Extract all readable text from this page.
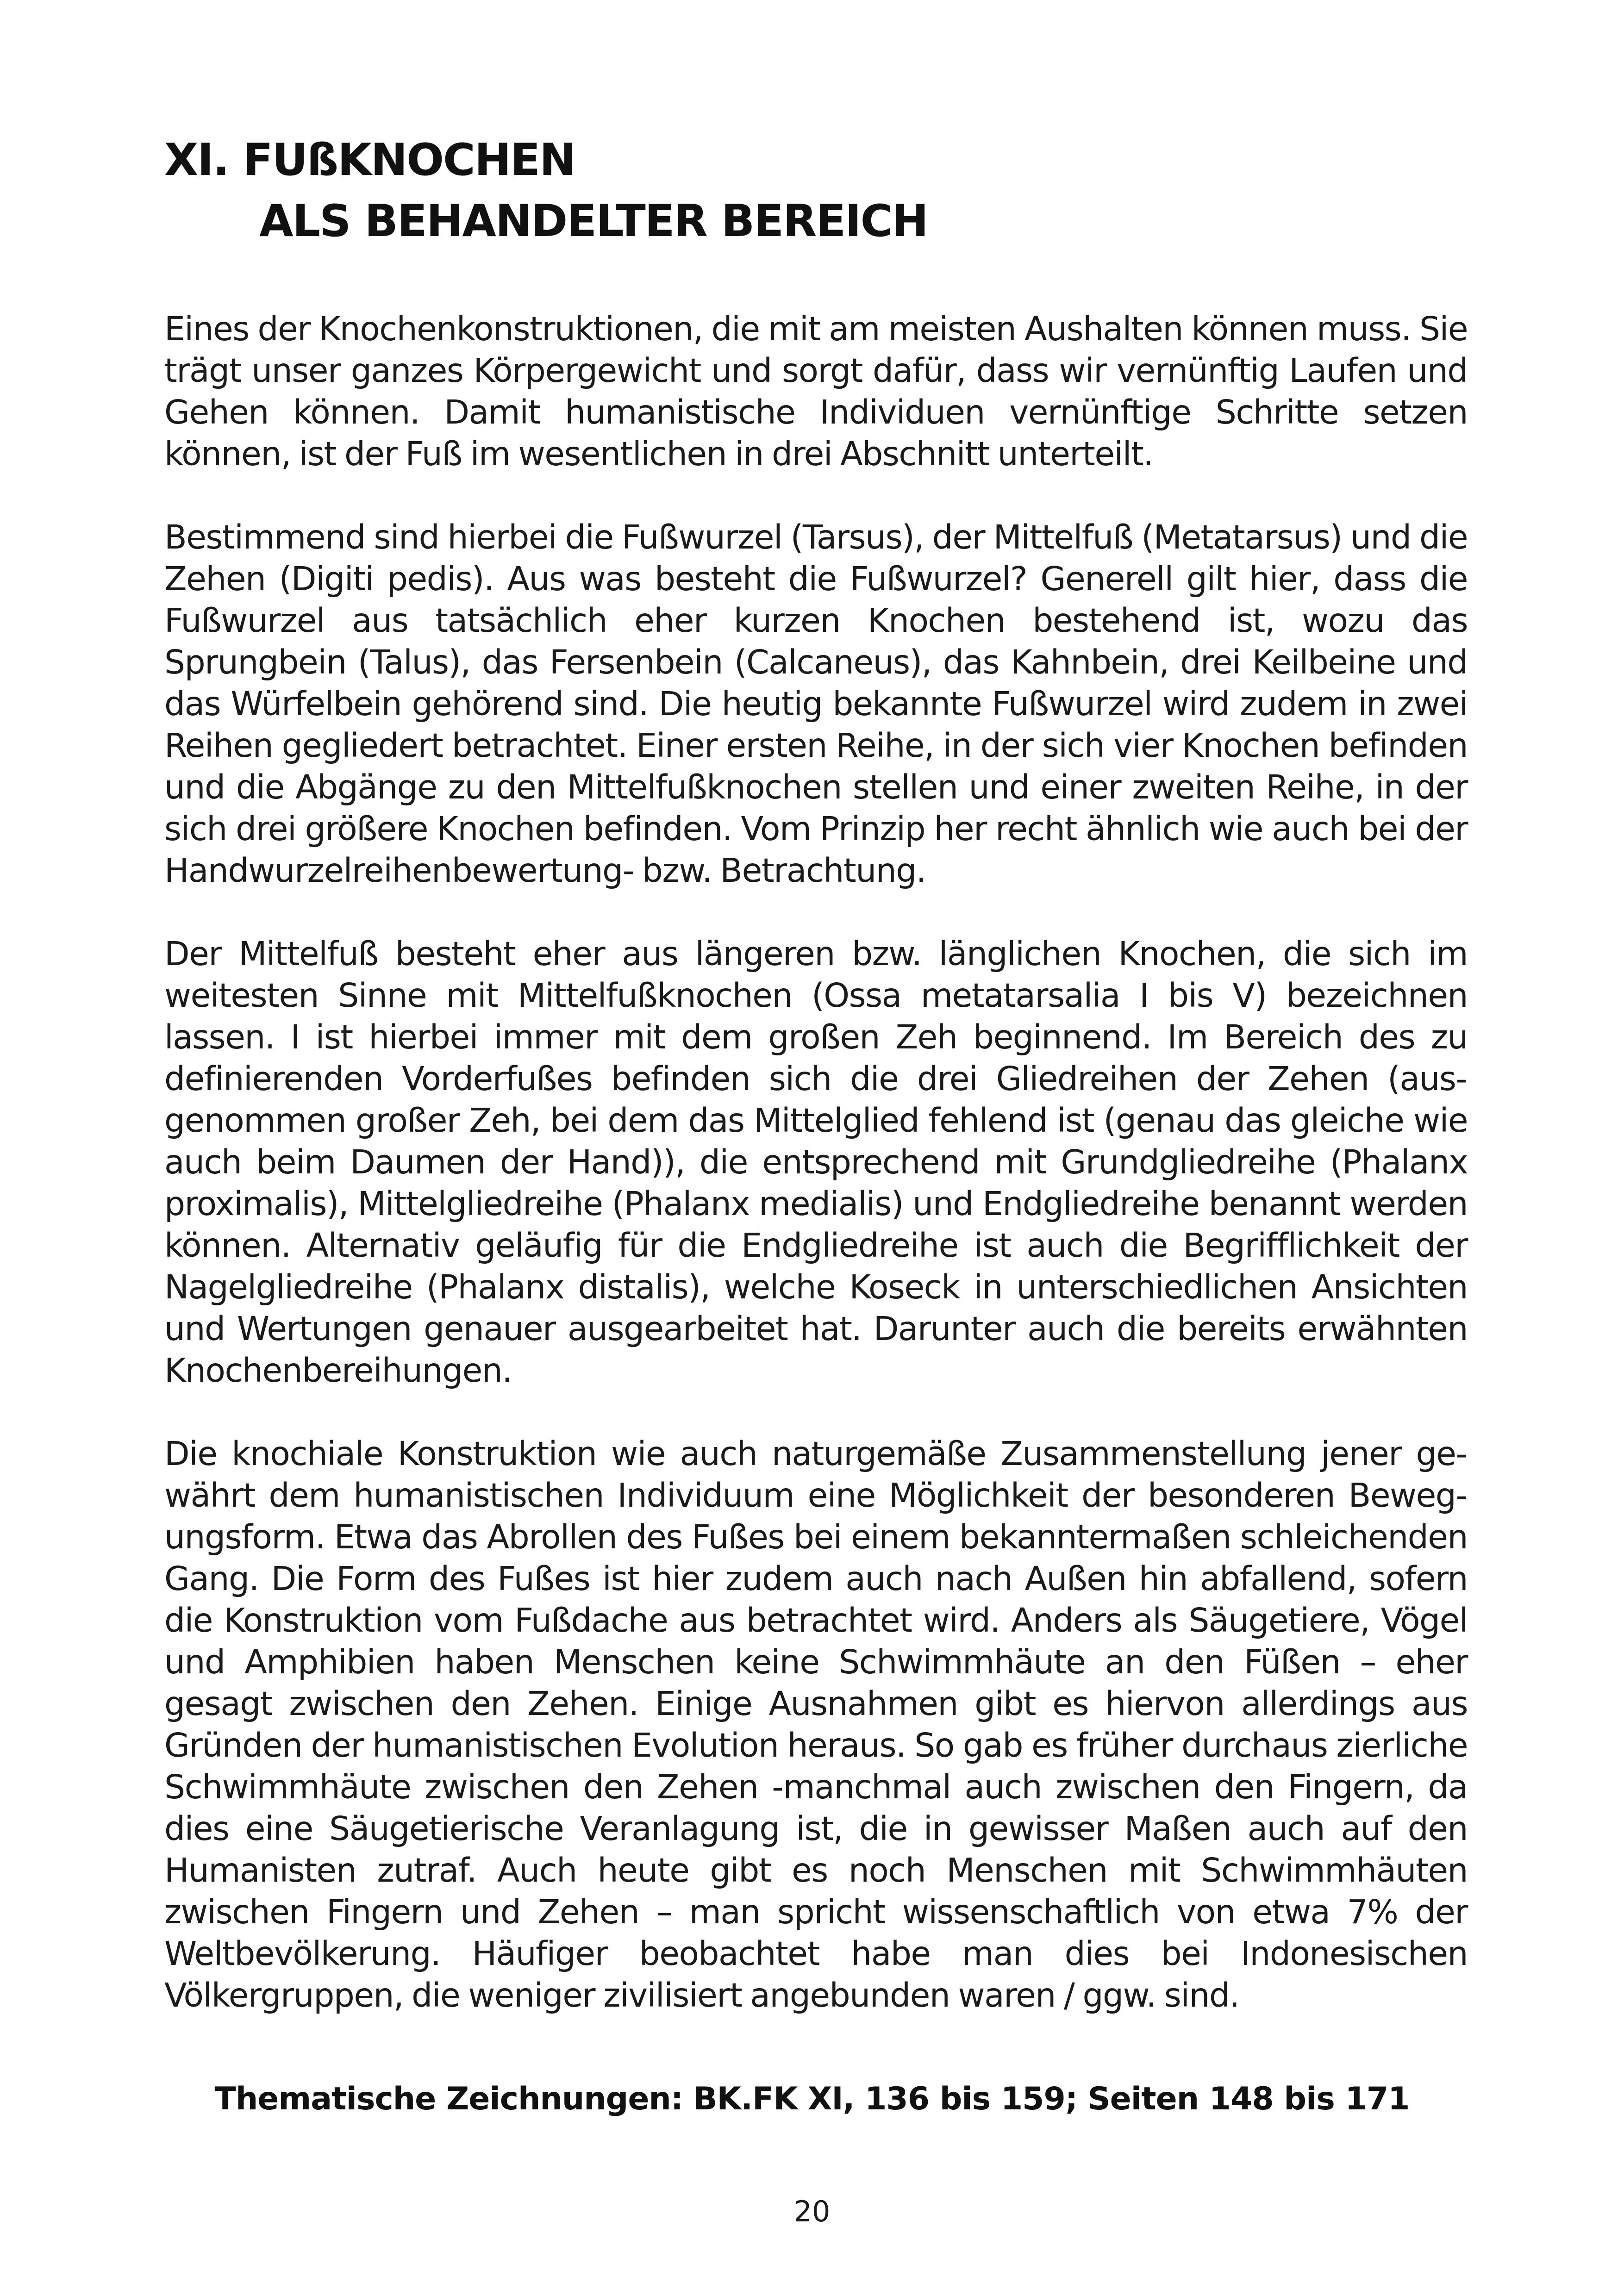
XI. FUßKNOCHEN
ALS BEHANDELTER BEREICH

Eines der Knochenkonstruktionen, die mit am meisten Aushalten können muss. Sie trägt unser ganzes Körpergewicht und sorgt dafür, dass wir vernünftig Laufen und Gehen können. Damit humanistische Individuen vernünftige Schritte setzen können, ist der Fuß im wesentlichen in drei Abschnitt unterteilt.

Bestimmend sind hierbei die Fußwurzel (Tarsus), der Mittelfuß (Metatarsus) und die Zehen (Digiti pedis). Aus was besteht die Fußwurzel? Generell gilt hier, dass die Fußwurzel aus tatsächlich eher kurzen Knochen bestehend ist, wozu das Sprungbein (Talus), das Fersenbein (Calcaneus), das Kahnbein, drei Keilbeine und das Würfelbein gehörend sind. Die heutig bekannte Fußwurzel wird zudem in zwei Reihen gegliedert betrachtet. Einer ersten Reihe, in der sich vier Knochen befinden und die Abgänge zu den Mittelfußknochen stellen und einer zweiten Reihe, in der sich drei größere Knochen befinden. Vom Prinzip her recht ähnlich wie auch bei der Handwurzelreihenbewertung- bzw. Betrachtung.

Der Mittelfuß besteht eher aus längeren bzw. länglichen Knochen, die sich im weitesten Sinne mit Mittelfußknochen (Ossa metatarsalia I bis V) bezeichnen lassen. I ist hierbei immer mit dem großen Zeh beginnend. Im Bereich des zu definierenden Vorderfußes befinden sich die drei Gliedreihen der Zehen (ausgenommen großer Zeh, bei dem das Mittelglied fehlend ist (genau das gleiche wie auch beim Daumen der Hand)), die entsprechend mit Grundgliedreihe (Phalanx proximalis), Mittelgliedreihe (Phalanx medialis) und Endgliedreihe benannt werden können. Alternativ geläufig für die Endgliedreihe ist auch die Begrifflichkeit der Nagelgliedreihe (Phalanx distalis), welche Koseck in unterschiedlichen Ansichten und Wertungen genauer ausgearbeitet hat. Darunter auch die bereits erwähnten Knochenbereihungen.

Die knochiale Konstruktion wie auch naturgemäße Zusammenstellung jener gewährt dem humanistischen Individuum eine Möglichkeit der besonderen Bewegungsform. Etwa das Abrollen des Fußes bei einem bekanntermaßen schleichenden Gang. Die Form des Fußes ist hier zudem auch nach Außen hin abfallend, sofern die Konstruktion vom Fußdache aus betrachtet wird. Anders als Säugetiere, Vögel und Amphibien haben Menschen keine Schwimmhäute an den Füßen – eher gesagt zwischen den Zehen. Einige Ausnahmen gibt es hiervon allerdings aus Gründen der humanistischen Evolution heraus. So gab es früher durchaus zierliche Schwimmhäute zwischen den Zehen -manchmal auch zwischen den Fingern, da dies eine Säugetierische Veranlagung ist, die in gewisser Maßen auch auf den Humanisten zutraf. Auch heute gibt es noch Menschen mit Schwimmhäuten zwischen Fingern und Zehen – man spricht wissenschaftlich von etwa 7% der Weltbevölkerung. Häufiger beobachtet habe man dies bei Indonesischen Völkergruppen, die weniger zivilisiert angebunden waren / ggw. sind.

Thematische Zeichnungen: BK.FK XI, 136 bis 159; Seiten 148 bis 171

20
